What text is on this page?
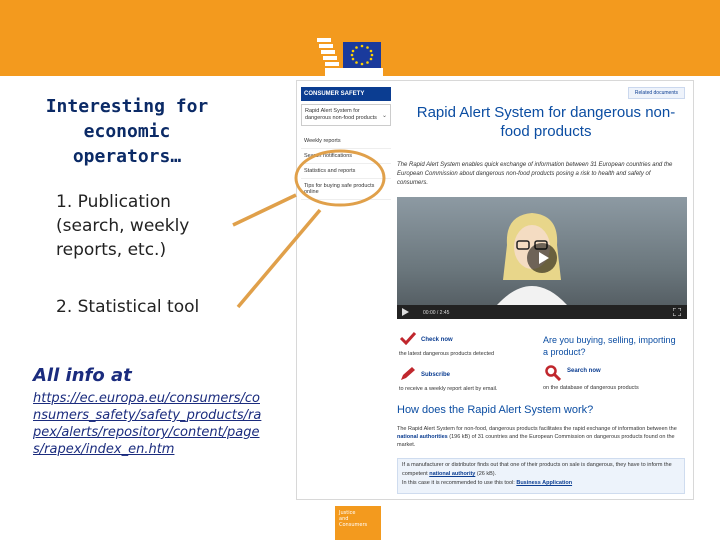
Interesting for
economic
operators…
1. Publication
(search, weekly
reports, etc.)
2. Statistical tool
All info at
https://ec.europa.eu/consumers/consumers_safety/safety_products/rapex/alerts/repository/content/pages/rapex/index_en.htm
CONSUMER SAFETY
Rapid Alert System for dangerous non-food products ⌄
Weekly reports
Search notifications
Statistics and reports
Tips for buying safe products online
Related documents
Rapid Alert System for dangerous non-food products
The Rapid Alert System enables quick exchange of information between 31 European countries and the European Commission about dangerous non-food products posing a risk to health and safety of consumers.
00:00 / 2:45
Check now
the latest dangerous products detected
Subscribe
to receive a weekly report alert by email.
Are you buying, selling, importing a product?
Search now
on the database of dangerous products
How does the Rapid Alert System work?
The Rapid Alert System for non-food, dangerous products facilitates the rapid exchange of information between the national authorities (196 kB) of 31 countries and the European Commission on dangerous products found on the market.
If a manufacturer or distributor finds out that one of their products on sale is dangerous, they have to inform the competent national authority (26 kB).
In this case it is recommended to use this tool: Business Application
Justice
and Consumers
